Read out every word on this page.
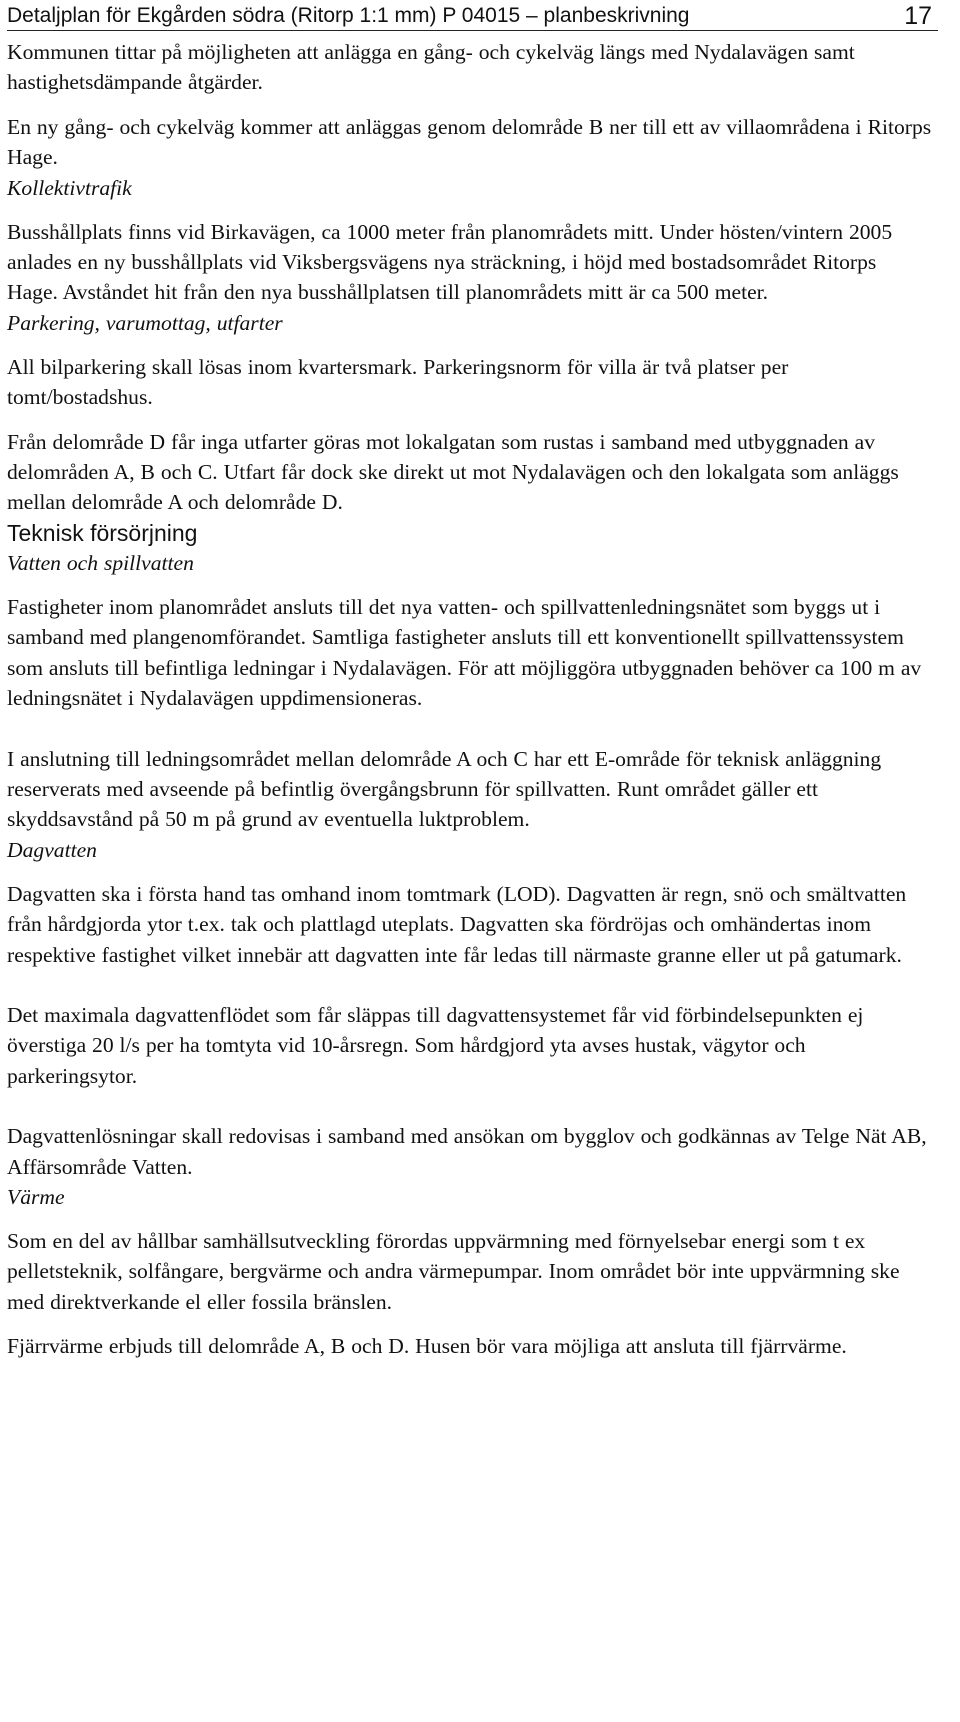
Detaljplan för Ekgården södra (Ritorp 1:1 mm) P 04015 – planbeskrivning	17

Kommunen tittar på möjligheten att anlägga en gång- och cykelväg längs med Nydalavägen samt hastighetsdämpande åtgärder.

En ny gång- och cykelväg kommer att anläggas genom delområde B ner till ett av villaområdena i Ritorps Hage.

Kollektivtrafik

Busshållplats finns vid Birkavägen, ca 1000 meter från planområdets mitt. Under hösten/vintern 2005 anlades en ny busshållplats vid Viksbergsvägens nya sträckning, i höjd med bostadsområdet Ritorps Hage. Avståndet hit från den nya busshållplatsen till planområdets mitt är ca 500 meter.

Parkering, varumottag, utfarter

All bilparkering skall lösas inom kvartersmark. Parkeringsnorm för villa är två platser per tomt/bostadshus.

Från delområde D får inga utfarter göras mot lokalgatan som rustas i samband med utbyggnaden av delområden A, B och C. Utfart får dock ske direkt ut mot Nydalavägen och den lokalgata som anläggs mellan delområde A och delområde D.

Teknisk försörjning

Vatten och spillvatten

Fastigheter inom planområdet ansluts till det nya vatten- och spillvattenledningsnätet som byggs ut i samband med plangenomförandet. Samtliga fastigheter ansluts till ett konventionellt spillvattenssystem som ansluts till befintliga ledningar i Nydalavägen. För att möjliggöra utbyggnaden behöver ca 100 m av ledningsnätet i Nydalavägen uppdimensioneras.

I anslutning till ledningsområdet mellan delområde A och C har ett E-område för teknisk anläggning reserverats med avseende på befintlig övergångsbrunn för spillvatten. Runt området gäller ett skyddsavstånd på 50 m på grund av eventuella luktproblem.

Dagvatten

Dagvatten ska i första hand tas omhand inom tomtmark (LOD). Dagvatten är regn, snö och smältvatten från hårdgjorda ytor t.ex. tak och plattlagd uteplats. Dagvatten ska fördröjas och omhändertas inom respektive fastighet vilket innebär att dagvatten inte får ledas till närmaste granne eller ut på gatumark.

Det maximala dagvattenflödet som får släppas till dagvattensystemet får vid förbindelsepunkten ej överstiga 20 l/s per ha tomtyta vid 10-årsregn. Som hårdgjord yta avses hustak, vägytor och parkeringsytor.

Dagvattenlösningar skall redovisas i samband med ansökan om bygglov och godkännas av Telge Nät AB, Affärsområde Vatten.

Värme

Som en del av hållbar samhällsutveckling förordas uppvärmning med förnyelsebar energi som t ex pelletsteknik, solfångare, bergvärme och andra värmepumpar. Inom området bör inte uppvärmning ske med direktverkande el eller fossila bränslen.

Fjärrvärme erbjuds till delområde A, B och D. Husen bör vara möjliga att ansluta till fjärrvärme.
